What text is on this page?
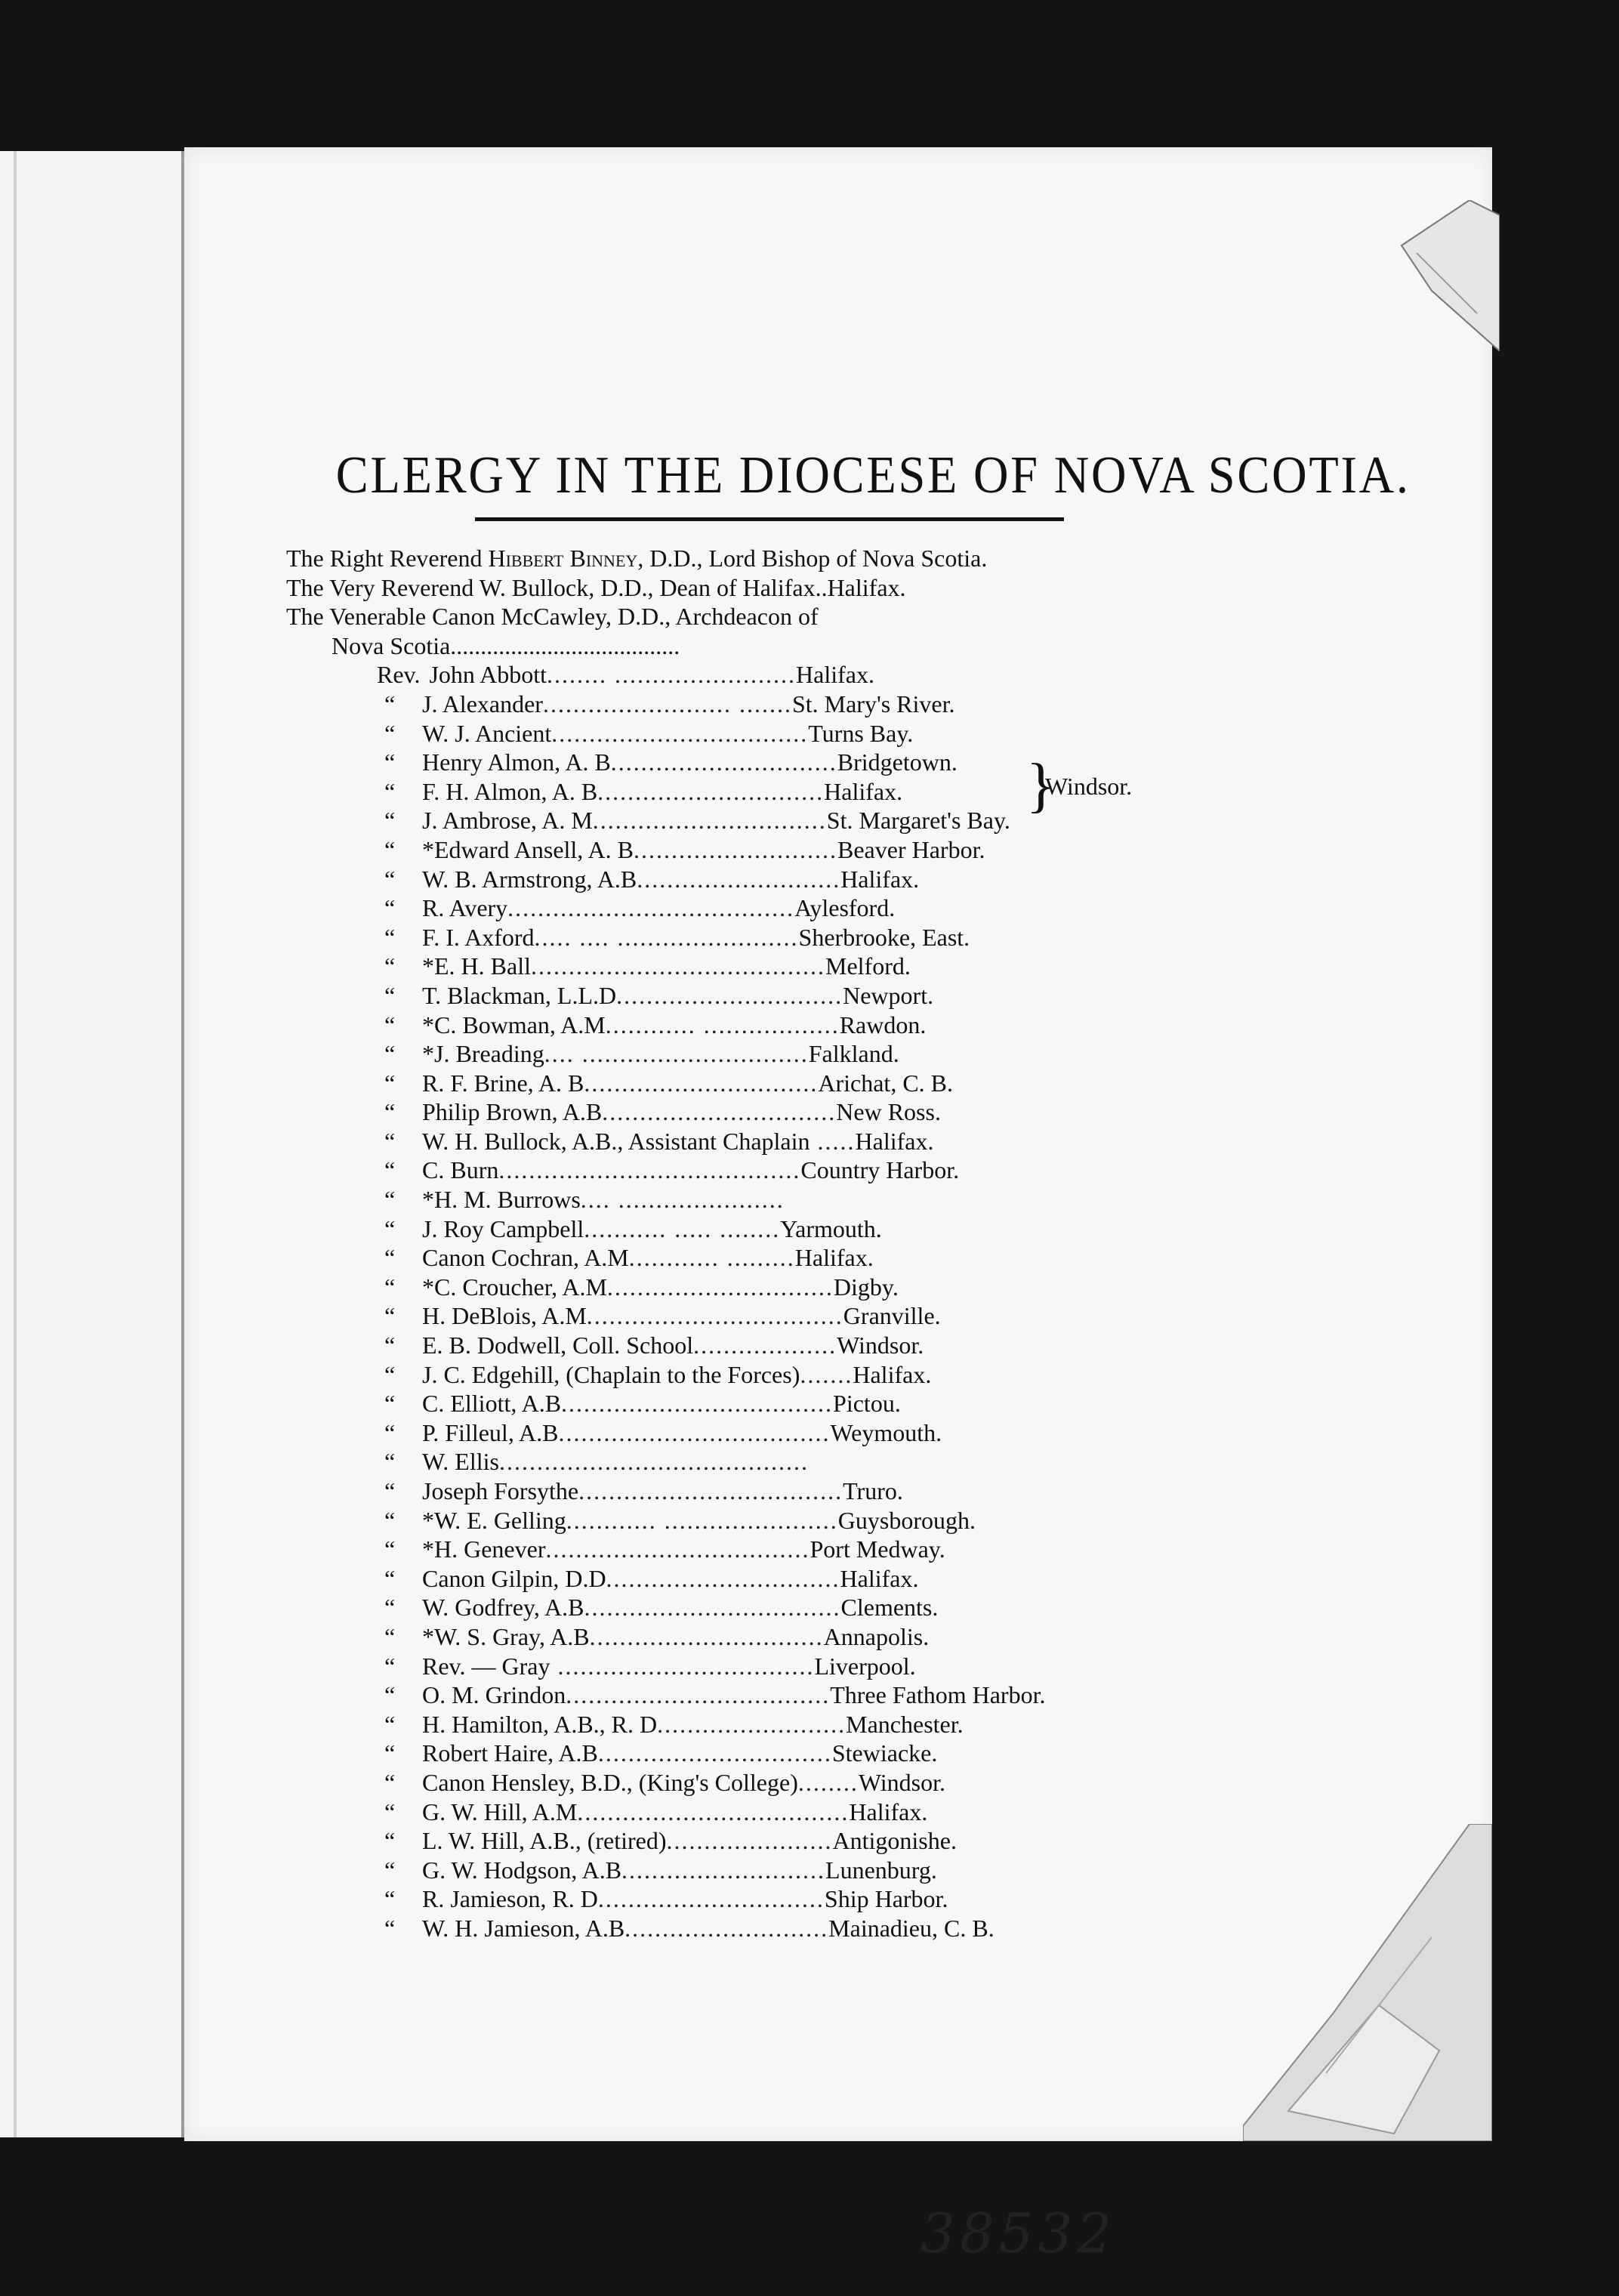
CLERGY IN THE DIOCESE OF NOVA SCOTIA.
The Right Reverend Hibbert Binney, D.D., Lord Bishop of Nova Scotia.
The Very Reverend W. Bullock, D.D., Dean of Halifax..Halifax.
The Venerable Canon McCawley, D.D., Archdeacon of
Nova Scotia......................................
Rev. John Abbott........ ........................Halifax.
“ J. Alexander......................... .......St. Mary's River.
“ W. J. Ancient..................................Turns Bay.
“ Henry Almon, A. B..............................Bridgetown.
“ F. H. Almon, A. B..............................Halifax.
“ J. Ambrose, A. M...............................St. Margaret's Bay.
“ *Edward Ansell, A. B...........................Beaver Harbor.
“ W. B. Armstrong, A.B...........................Halifax.
“ R. Avery......................................Aylesford.
“ F. I. Axford..... .... ........................Sherbrooke, East.
“ *E. H. Ball.......................................Melford.
“ T. Blackman, L.L.D..............................Newport.
“ *C. Bowman, A.M............ ..................Rawdon.
“ *J. Breading.... ..............................Falkland.
“ R. F. Brine, A. B...............................Arichat, C. B.
“ Philip Brown, A.B...............................New Ross.
“ W. H. Bullock, A.B., Assistant Chaplain .....Halifax.
“ C. Burn........................................Country Harbor.
“ *H. M. Burrows.... ......................
“ J. Roy Campbell........... ..... ........Yarmouth.
“ Canon Cochran, A.M............ .........Halifax.
“ *C. Croucher, A.M..............................Digby.
“ H. DeBlois, A.M..................................Granville.
“ E. B. Dodwell, Coll. School...................Windsor.
“ J. C. Edgehill, (Chaplain to the Forces).......Halifax.
“ C. Elliott, A.B....................................Pictou.
“ P. Filleul, A.B....................................Weymouth.
“ W. Ellis.........................................
“ Joseph Forsythe...................................Truro.
“ *W. E. Gelling............ .......................Guysborough.
“ *H. Genever...................................Port Medway.
“ Canon Gilpin, D.D...............................Halifax.
“ W. Godfrey, A.B..................................Clements.
“ *W. S. Gray, A.B...............................Annapolis.
“ Rev. — Gray ..................................Liverpool.
“ O. M. Grindon...................................Three Fathom Harbor.
“ H. Hamilton, A.B., R. D.........................Manchester.
“ Robert Haire, A.B...............................Stewiacke.
“ Canon Hensley, B.D., (King's College)........Windsor.
“ G. W. Hill, A.M....................................Halifax.
“ L. W. Hill, A.B., (retired)......................Antigonishe.
“ G. W. Hodgson, A.B...........................Lunenburg.
“ R. Jamieson, R. D..............................Ship Harbor.
“ W. H. Jamieson, A.B...........................Mainadieu, C. B.
}
Windsor.
38532
